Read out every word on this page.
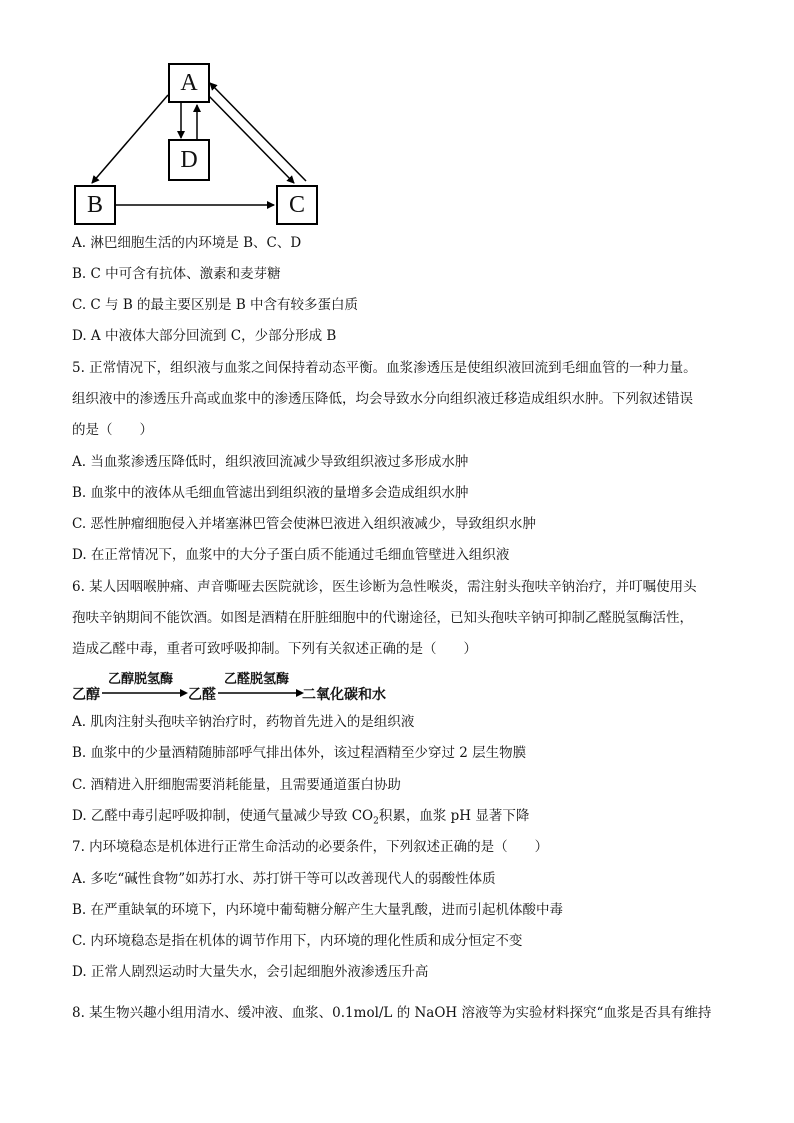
A
D
B	C
A. 淋巴细胞生活的内环境是 B、C、D
B. C 中可含有抗体、激素和麦芽糖
C. C 与 B 的最主要区别是 B 中含有较多蛋白质
D. A 中液体大部分回流到 C，少部分形成 B
5. 正常情况下，组织液与血浆之间保持着动态平衡。血浆渗透压是使组织液回流到毛细血管的一种力量。
组织液中的渗透压升高或血浆中的渗透压降低，均会导致水分向组织液迁移造成组织水肿。下列叙述错误
的是（　　）
A. 当血浆渗透压降低时，组织液回流减少导致组织液过多形成水肿
B. 血浆中的液体从毛细血管滤出到组织液的量增多会造成组织水肿
C. 恶性肿瘤细胞侵入并堵塞淋巴管会使淋巴液进入组织液减少，导致组织水肿
D. 在正常情况下，血浆中的大分子蛋白质不能通过毛细血管壁进入组织液
6. 某人因咽喉肿痛、声音嘶哑去医院就诊，医生诊断为急性喉炎，需注射头孢呋辛钠治疗，并叮嘱使用头
孢呋辛钠期间不能饮酒。如图是酒精在肝脏细胞中的代谢途径，已知头孢呋辛钠可抑制乙醛脱氢酶活性，
造成乙醛中毒，重者可致呼吸抑制。下列有关叙述正确的是（　　）
乙醇
乙醇脱氢酶
乙醛
乙醛脱氢酶
二氧化碳和水
A. 肌肉注射头孢呋辛钠治疗时，药物首先进入的是组织液
B. 血浆中的少量酒精随肺部呼气排出体外，该过程酒精至少穿过 2 层生物膜
C. 酒精进入肝细胞需要消耗能量，且需要通道蛋白协助
D. 乙醛中毒引起呼吸抑制，使通气量减少导致 $CO_2$积累，血浆 pH 显著下降
7. 内环境稳态是机体进行正常生命活动的必要条件，下列叙述正确的是（　　）
A. 多吃“碱性食物”如苏打水、苏打饼干等可以改善现代人的弱酸性体质
B. 在严重缺氧的环境下，内环境中葡萄糖分解产生大量乳酸，进而引起机体酸中毒
C. 内环境稳态是指在机体的调节作用下，内环境的理化性质和成分恒定不变
D. 正常人剧烈运动时大量失水，会引起细胞外液渗透压升高
8. 某生物兴趣小组用清水、缓冲液、血浆、0.1mol/L 的 NaOH 溶液等为实验材料探究“血浆是否具有维持
